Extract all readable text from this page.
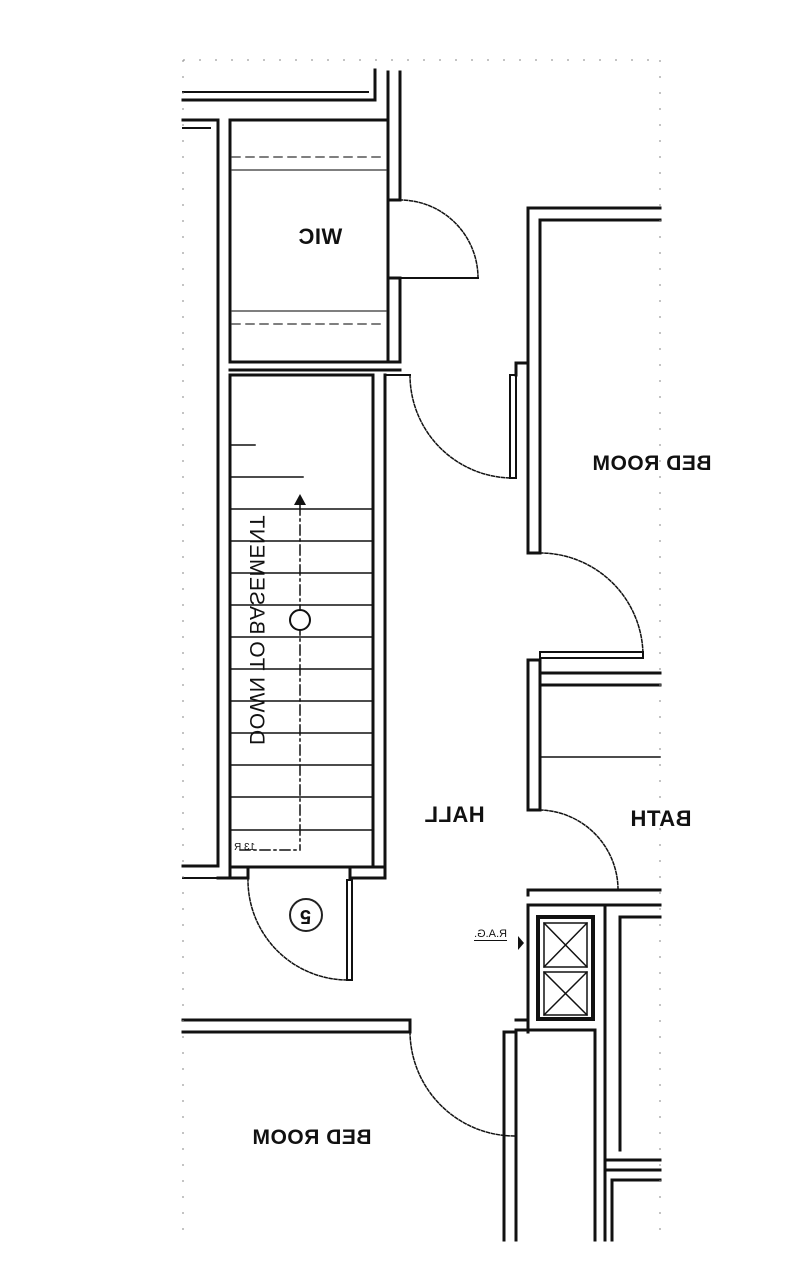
WIC
BED ROOM
HALL	BATH
BED ROOM
DOWN TO BASEMENT
R.A.G.
5
13 R
